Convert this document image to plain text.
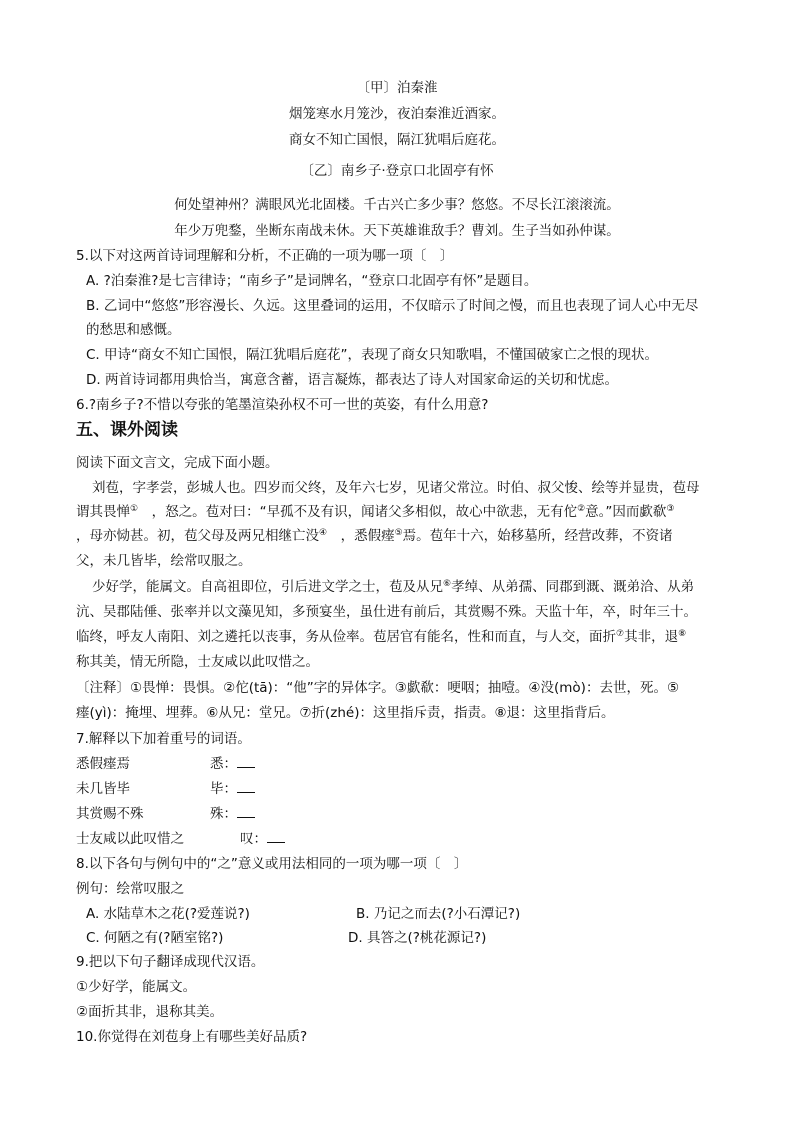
〔甲〕泊秦淮
烟笼寒水月笼沙，夜泊秦淮近酒家。
商女不知亡国恨，隔江犹唱后庭花。
〔乙〕南乡子·登京口北固亭有怀
何处望神州？满眼风光北固楼。千古兴亡多少事？悠悠。不尽长江滚滚流。
年少万兜鍪，坐断东南战未休。天下英雄谁敌手？曹刘。生子当如孙仲谋。
5.以下对这两首诗词理解和分析，不正确的一项为哪一项〔　〕
A. ?泊秦淮?是七言律诗；“南乡子”是词牌名，“登京口北固亭有怀”是题目。
B. 乙词中“悠悠”形容漫长、久远。这里叠词的运用，不仅暗示了时间之慢，而且也表现了词人心中无尽
的愁思和感慨。
C. 甲诗“商女不知亡国恨，隔江犹唱后庭花”，表现了商女只知歌唱，不懂国破家亡之恨的现状。
D. 两首诗词都用典恰当，寓意含蓄，语言凝炼，都表达了诗人对国家命运的关切和忧虑。
6.?南乡子?不惜以夸张的笔墨渲染孙权不可一世的英姿，有什么用意?
五、课外阅读
阅读下面文言文，完成下面小题。
刘苞，字孝尝，彭城人也。四岁而父终，及年六七岁，见诸父常泣。时伯、叔父悛、绘等并显贵，苞母
谓其畏惮①　，怒之。苞对曰：“早孤不及有识，闻诸父多相似，故心中欲悲，无有佗②意。”因而歔欷③
，母亦恸甚。初，苞父母及两兄相继亡没④　，悉假瘗⑤焉。苞年十六，始移墓所，经营改葬，不资诸
父，未几皆毕，绘常叹服之。
少好学，能属文。自高祖即位，引后进文学之士，苞及从兄⑥孝绰、从弟孺、同郡到溉、溉弟洽、从弟
沆、吴郡陆倕、张率并以文藻见知，多预宴坐，虽仕进有前后，其赏赐不殊。天监十年，卒，时年三十。
临终，呼友人南阳、刘之遴托以丧事，务从俭率。苞居官有能名，性和而直，与人交，面折⑦其非，退⑧
称其美，情无所隐，士友咸以此叹惜之。
〔注释〕①畏惮：畏惧。②佗(tā)：“他”字的异体字。③歔欷：哽咽；抽噎。④没(mò)：去世，死。⑤
瘗(yì)：掩埋、埋葬。⑥从兄：堂兄。⑦折(zhé)：这里指斥责，指责。⑧退：这里指背后。
7.解释以下加着重号的词语。
悉假瘗焉	悉：
未几皆毕	毕：
其赏赐不殊	殊：
士友咸以此叹惜之	叹：
8.以下各句与例句中的“之”意义或用法相同的一项为哪一项〔　〕
例句：绘常叹服之
A. 水陆草木之花(?爱莲说?)	B. 乃记之而去(?小石潭记?)
C. 何陋之有(?陋室铭?)	D. 具答之(?桃花源记?)
9.把以下句子翻译成现代汉语。
①少好学，能属文。
②面折其非，退称其美。
10.你觉得在刘苞身上有哪些美好品质?
